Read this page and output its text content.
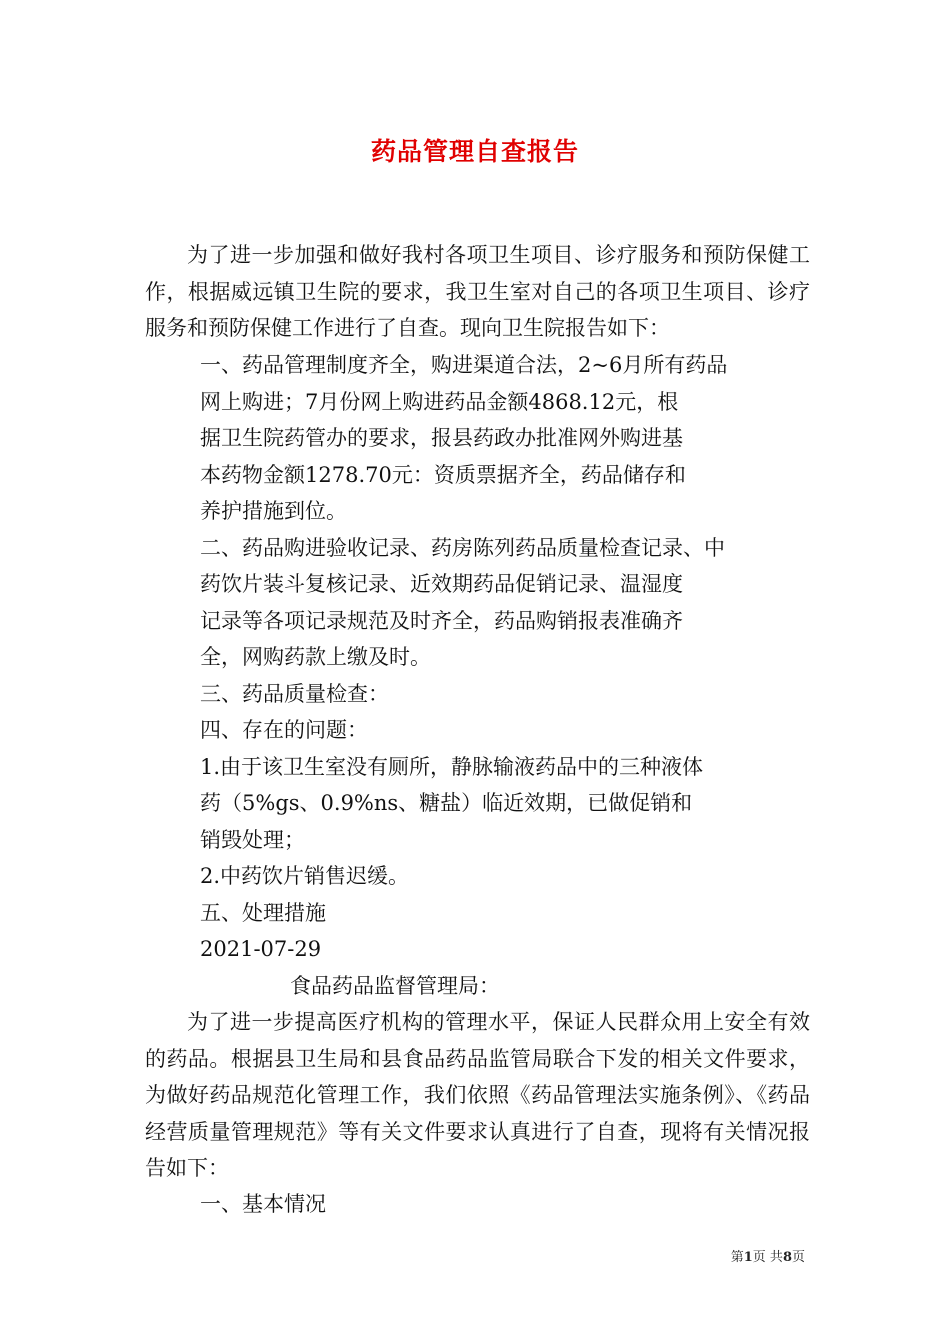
药品管理自查报告

为了进一步加强和做好我村各项卫生项目、诊疗服务和预防保健工作，根据威远镇卫生院的要求，我卫生室对自己的各项卫生项目、诊疗服务和预防保健工作进行了自查。现向卫生院报告如下：

一、药品管理制度齐全，购进渠道合法，2~6月所有药品
网上购进；7月份网上购进药品金额4868.12元，根
据卫生院药管办的要求，报县药政办批准网外购进基
本药物金额1278.70元：资质票据齐全，药品储存和
养护措施到位。
二、药品购进验收记录、药房陈列药品质量检查记录、中
药饮片装斗复核记录、近效期药品促销记录、温湿度
记录等各项记录规范及时齐全，药品购销报表准确齐
全，网购药款上缴及时。
三、药品质量检查：
四、存在的问题：
1.由于该卫生室没有厕所，静脉输液药品中的三种液体
药（5%gs、0.9%ns、糖盐）临近效期，已做促销和
销毁处理；
2.中药饮片销售迟缓。
五、处理措施
2021-07-29
食品药品监督管理局：

为了进一步提高医疗机构的管理水平，保证人民群众用上安全有效的药品。根据县卫生局和县食品药品监管局联合下发的相关文件要求，为做好药品规范化管理工作，我们依照《药品管理法实施条例》、《药品经营质量管理规范》等有关文件要求认真进行了自查，现将有关情况报告如下：

一、基本情况
第1页 共8页
